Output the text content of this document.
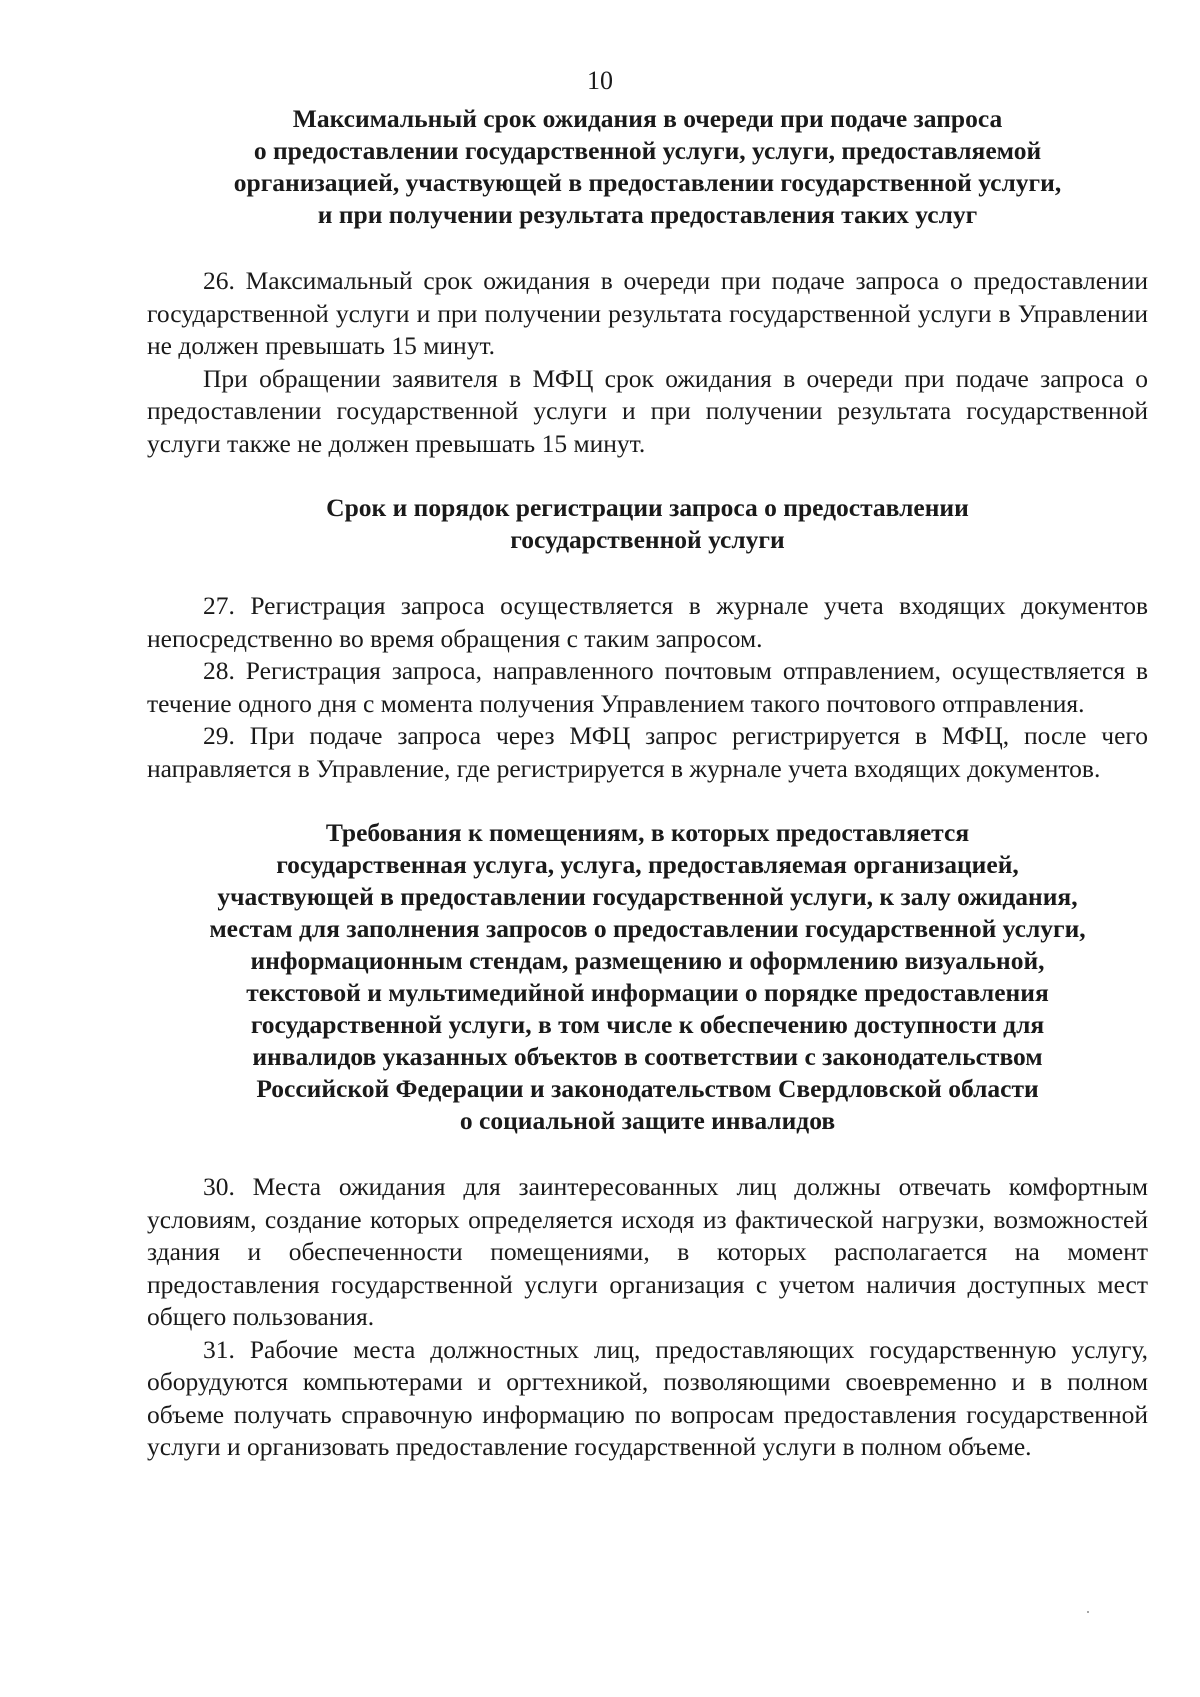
10
Максимальный срок ожидания в очереди при подаче запроса
о предоставлении государственной услуги, услуги, предоставляемой
организацией, участвующей в предоставлении государственной услуги,
и при получении результата предоставления таких услуг

26. Максимальный срок ожидания в очереди при подаче запроса о предоставлении государственной услуги и при получении результата государственной услуги в Управлении не должен превышать 15 минут.

При обращении заявителя в МФЦ срок ожидания в очереди при подаче запроса о предоставлении государственной услуги и при получении результата государственной услуги также не должен превышать 15 минут.

Срок и порядок регистрации запроса о предоставлении
государственной услуги

27. Регистрация запроса осуществляется в журнале учета входящих документов непосредственно во время обращения с таким запросом.

28. Регистрация запроса, направленного почтовым отправлением, осуществляется в течение одного дня с момента получения Управлением такого почтового отправления.

29. При подаче запроса через МФЦ запрос регистрируется в МФЦ, после чего направляется в Управление, где регистрируется в журнале учета входящих документов.

Требования к помещениям, в которых предоставляется
государственная услуга, услуга, предоставляемая организацией,
участвующей в предоставлении государственной услуги, к залу ожидания,
местам для заполнения запросов о предоставлении государственной услуги,
информационным стендам, размещению и оформлению визуальной,
текстовой и мультимедийной информации о порядке предоставления
государственной услуги, в том числе к обеспечению доступности для
инвалидов указанных объектов в соответствии с законодательством
Российской Федерации и законодательством Свердловской области
о социальной защите инвалидов

30. Места ожидания для заинтересованных лиц должны отвечать комфортным условиям, создание которых определяется исходя из фактической нагрузки, возможностей здания и обеспеченности помещениями, в которых располагается на момент предоставления государственной услуги организация с учетом наличия доступных мест общего пользования.

31. Рабочие места должностных лиц, предоставляющих государственную услугу, оборудуются компьютерами и оргтехникой, позволяющими своевременно и в полном объеме получать справочную информацию по вопросам предоставления государственной услуги и организовать предоставление государственной услуги в полном объеме.
